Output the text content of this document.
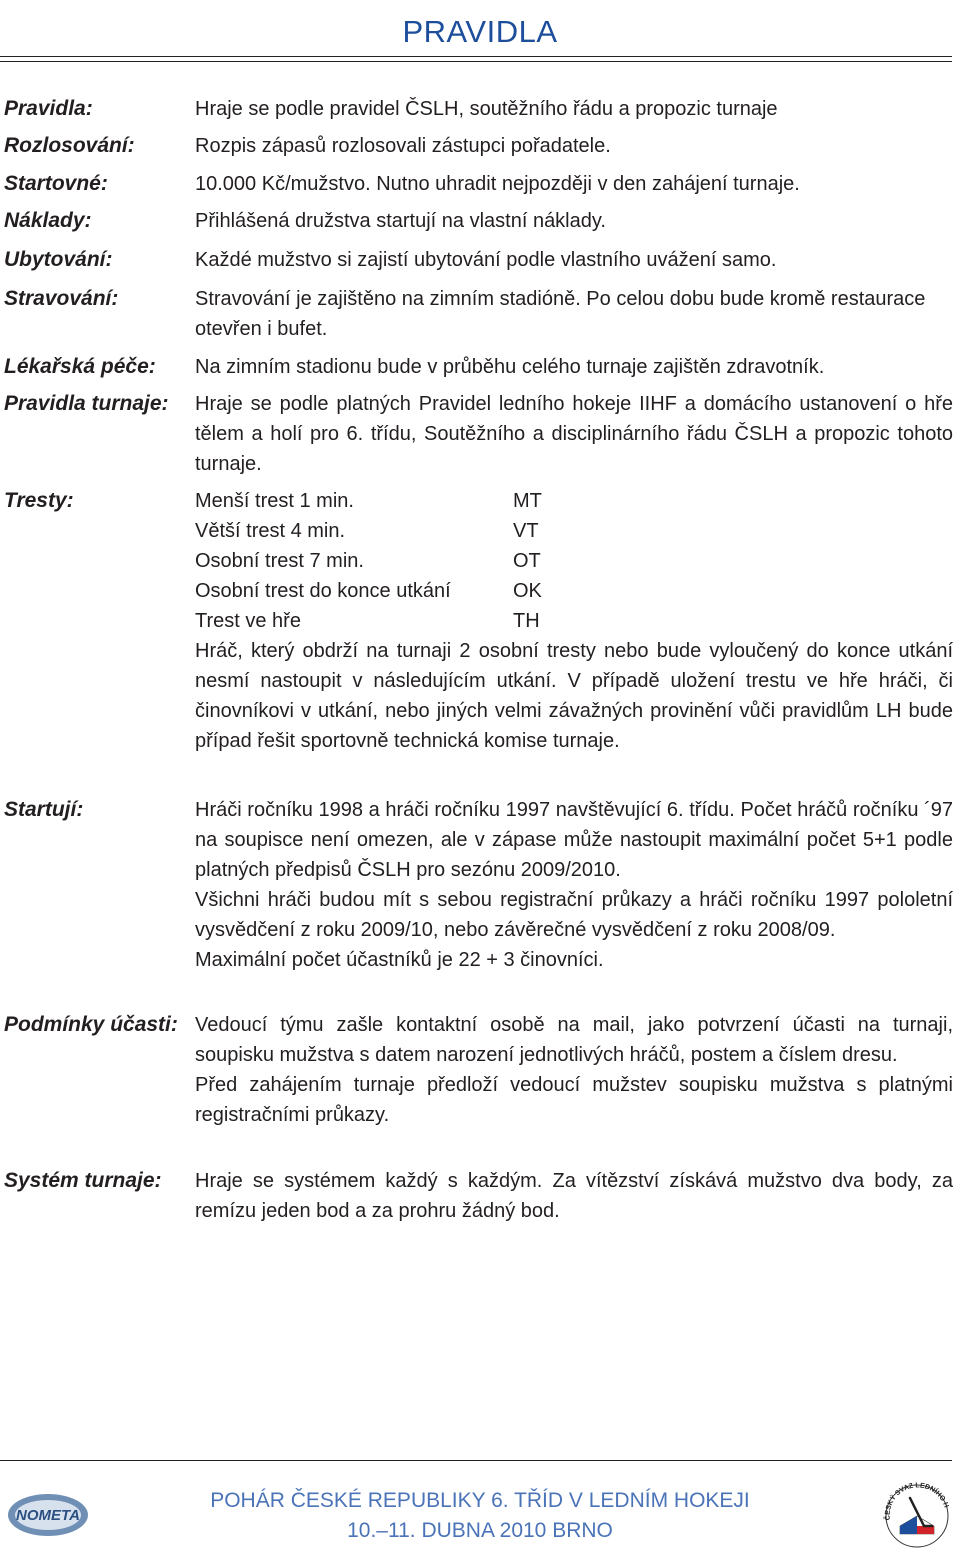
PRAVIDLA
Pravidla:	Hraje se podle pravidel ČSLH, soutěžního řádu a propozic turnaje
Rozlosování:	Rozpis zápasů rozlosovali zástupci pořadatele.
Startovné:	10.000 Kč/mužstvo. Nutno uhradit nejpozději v den zahájení turnaje.
Náklady:	Přihlášená družstva startují na vlastní náklady.
Ubytování:	Každé mužstvo si zajistí ubytování podle vlastního uvážení samo.
Stravování:	Stravování je zajištěno na zimním stadióně. Po celou dobu bude kromě restaurace otevřen i bufet.
Lékařská péče: Na zimním stadionu bude v průběhu celého turnaje zajištěn zdravotník.
Pravidla turnaje: Hraje se podle platných Pravidel ledního hokeje IIHF a domácího ustanovení o hře tělem a holí pro 6. třídu, Soutěžního a disciplinárního řádu ČSLH a propozic tohoto turnaje.
Tresty:	Menší trest 1 min.	MT
Větší trest 4 min.	VT
Osobní trest 7 min.	OT
Osobní trest do konce utkání	OK
Trest ve hře	TH
Hráč, který obdrží na turnaji 2 osobní tresty nebo bude vyloučený do konce utkání nesmí nastoupit v následujícím utkání. V případě uložení trestu ve hře hráči, či činovníkovi v utkání, nebo jiných velmi závažných provinění vůči pravidlům LH bude případ řešit sportovně technická komise turnaje.
Startují:	Hráči ročníku 1998 a hráči ročníku 1997 navštěvující 6. třídu. Počet hráčů ročníku ´97 na soupisce není omezen, ale v zápase může nastoupit maximální počet 5+1 podle platných předpisů ČSLH pro sezónu 2009/2010.
Všichni hráči budou mít s sebou registrační průkazy a hráči ročníku 1997 pololetní vysvědčení z roku 2009/10, nebo závěrečné vysvědčení z roku 2008/09.
Maximální počet účastníků je 22 + 3 činovníci.
Podmínky účasti: Vedoucí týmu zašle kontaktní osobě na mail, jako potvrzení účasti na turnaji, soupisku mužstva s datem narození jednotlivých hráčů, postem a číslem dresu.
Před zahájením turnaje předloží vedoucí mužstev soupisku mužstva s platnými registračními průkazy.
Systém turnaje: Hraje se systémem každý s každým. Za vítězství získává mužstvo dva body, za remízu jeden bod a za prohru žádný bod.
NOMETA
POHÁR ČESKÉ REPUBLIKY 6. TŘÍD V LEDNÍM HOKEJI
10.–11. DUBNA 2010 BRNO
ČESKÝ SVAZ LEDNÍHO H
